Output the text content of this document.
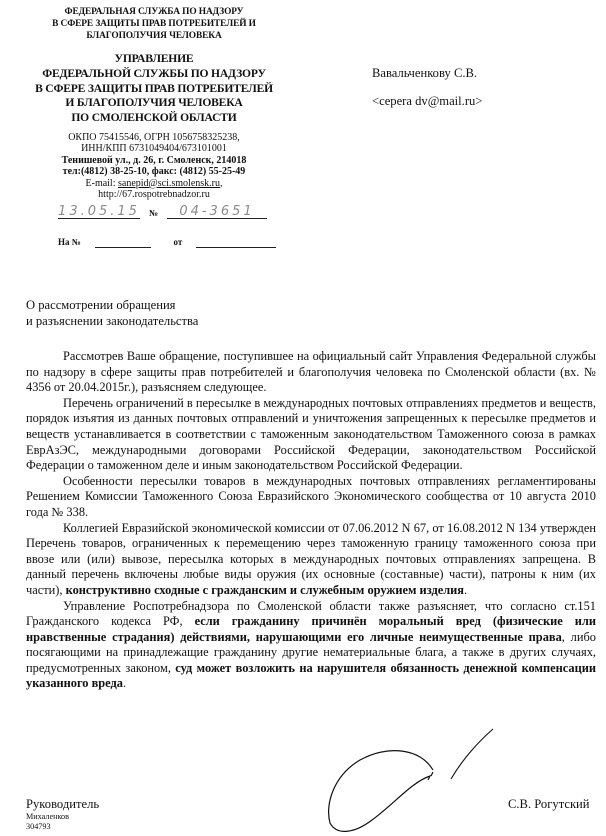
ФЕДЕРАЛЬНАЯ СЛУЖБА ПО НАДЗОРУ
В СФЕРЕ ЗАЩИТЫ ПРАВ ПОТРЕБИТЕЛЕЙ И
БЛАГОПОЛУЧИЯ ЧЕЛОВЕКА
УПРАВЛЕНИЕ
ФЕДЕРАЛЬНОЙ СЛУЖБЫ ПО НАДЗОРУ
В СФЕРЕ ЗАЩИТЫ ПРАВ ПОТРЕБИТЕЛЕЙ
И БЛАГОПОЛУЧИЯ ЧЕЛОВЕКА
ПО СМОЛЕНСКОЙ ОБЛАСТИ
ОКПО 75415546, ОГРН 1056758325238,
ИНН/КПП 6731049404/673101001
Тенишевой ул., д. 26, г. Смоленск, 214018
тел:(4812) 38-25-10, факс: (4812) 55-25-49
E-mail: sanepid@sci.smolensk.ru,
http://67.rospotrebnadzor.ru
13.05.15 № 04-3651
На №	от
Вавальченкову С.В.
<cepera dv@mail.ru>
О рассмотрении обращения
и разъяснении законодательства

Рассмотрев Ваше обращение, поступившее на официальный сайт Управления Федеральной службы по надзору в сфере защиты прав потребителей и благополучия человека по Смоленской области (вх. № 4356 от 20.04.2015г.), разъясняем следующее.

Перечень ограничений в пересылке в международных почтовых отправлениях предметов и веществ, порядок изъятия из данных почтовых отправлений и уничтожения запрещенных к пересылке предметов и веществ устанавливается в соответствии с таможенным законодательством Таможенного союза в рамках ЕврАзЭС, международными договорами Российской Федерации, законодательством Российской Федерации о таможенном деле и иным законодательством Российской Федерации.

Особенности пересылки товаров в международных почтовых отправлениях регламентированы Решением Комиссии Таможенного Союза Евразийского Экономического сообщества от 10 августа 2010 года № 338.

Коллегией Евразийской экономической комиссии от 07.06.2012 N 67, от 16.08.2012 N 134 утвержден Перечень товаров, ограниченных к перемещению через таможенную границу таможенного союза при ввозе или (или) вывозе, пересылка которых в международных почтовых отправлениях запрещена. В данный перечень включены любые виды оружия (их основные (составные) части), патроны к ним (их части), конструктивно сходные с гражданским и служебным оружием изделия.

Управление Роспотребнадзора по Смоленской области также разъясняет, что согласно ст.151 Гражданского кодекса РФ, если гражданину причинён моральный вред (физические или нравственные страдания) действиями, нарушающими его личные неимущественные права, либо посягающими на принадлежащие гражданину другие нематериальные блага, а также в других случаях, предусмотренных законом, суд может возложить на нарушителя обязанность денежной компенсации указанного вреда.

Руководитель	С.В. Рогутский
Михаленков
304793
